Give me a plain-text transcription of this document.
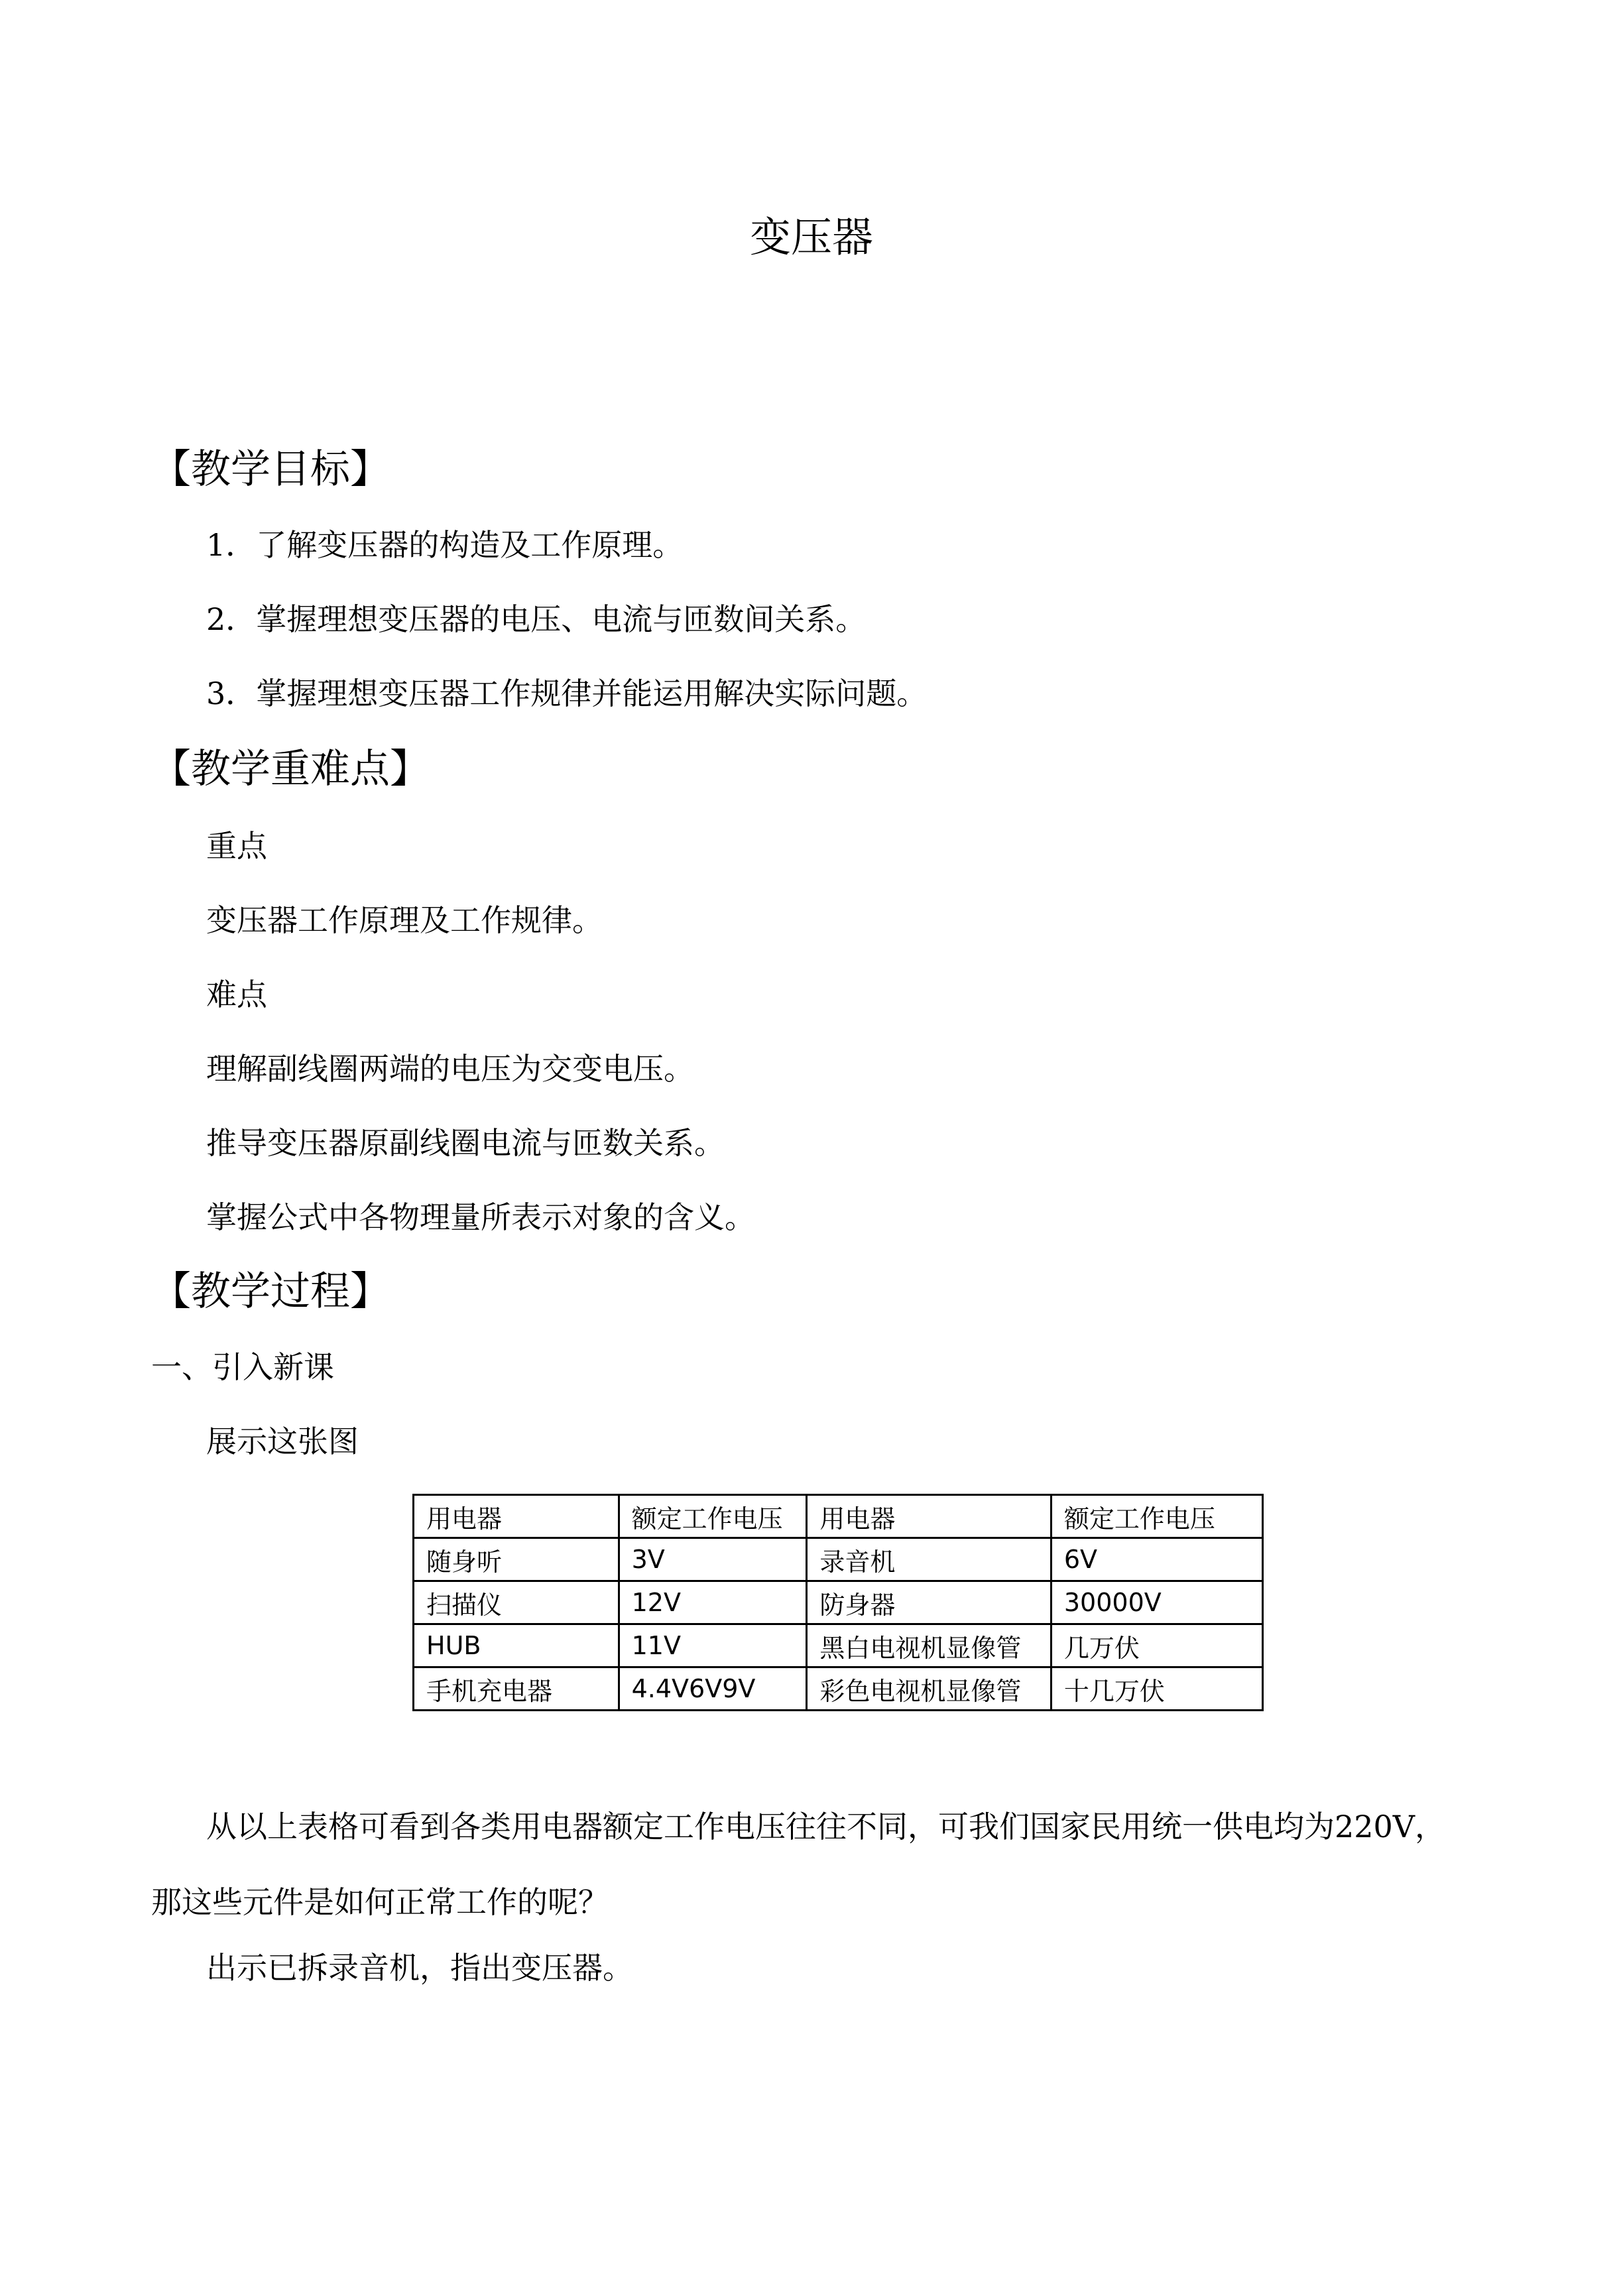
变压器
【教学目标】

1．了解变压器的构造及工作原理。

2．掌握理想变压器的电压、电流与匝数间关系。

3．掌握理想变压器工作规律并能运用解决实际问题。

【教学重难点】

重点

变压器工作原理及工作规律。

难点

理解副线圈两端的电压为交变电压。

推导变压器原副线圈电流与匝数关系。

掌握公式中各物理量所表示对象的含义。

【教学过程】

一、引入新课

展示这张图

用电器	额定工作电压	用电器	额定工作电压
随身听	3V	录音机	6V
扫描仪	12V	防身器	30000V
HUB	11V	黑白电视机显像管	几万伏
手机充电器	4.4V6V9V	彩色电视机显像管	十几万伏

从以上表格可看到各类用电器额定工作电压往往不同，可我们国家民用统一供电均为220V，那这些元件是如何正常工作的呢？

出示已拆录音机，指出变压器。
